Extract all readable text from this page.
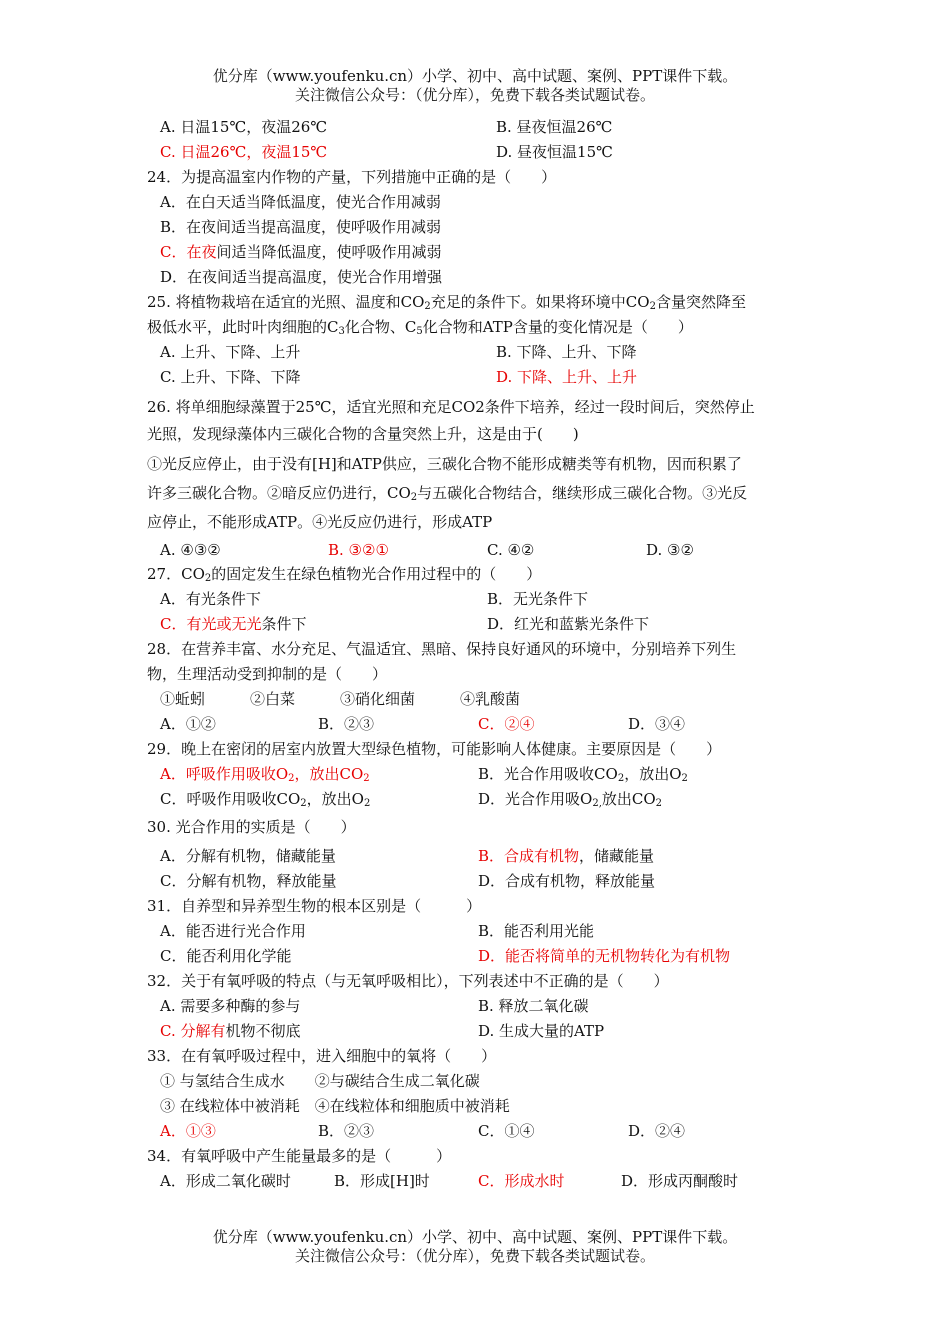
优分库（www.youfenku.cn）小学、初中、高中试题、案例、PPT课件下载。
关注微信公众号：（优分库），免费下载各类试题试卷。
A. 日温15℃，夜温26℃	B. 昼夜恒温26℃
C. 日温26℃，夜温15℃	D. 昼夜恒温15℃
24．为提高温室内作物的产量，下列措施中正确的是（　　）
A．在白天适当降低温度，使光合作用减弱
B．在夜间适当提高温度，使呼吸作用减弱
C．在夜间适当降低温度，使呼吸作用减弱
D．在夜间适当提高温度，使光合作用增强
25. 将植物栽培在适宜的光照、温度和$CO_2$充足的条件下。如果将环境中$CO_2$含量突然降至
极低水平，此时叶肉细胞的$C_3$化合物、$C_5$化合物和ATP含量的变化情况是（　　）
A. 上升、下降、上升	B. 下降、上升、下降
C. 上升、下降、下降	D. 下降、上升、上升
26. 将单细胞绿藻置于25℃，适宜光照和充足CO2条件下培养，经过一段时间后，突然停止
光照，发现绿藻体内三碳化合物的含量突然上升，这是由于(　　)
①光反应停止，由于没有[H]和ATP供应，三碳化合物不能形成糖类等有机物，因而积累了
许多三碳化合物。②暗反应仍进行，$CO_2$与五碳化合物结合，继续形成三碳化合物。③光反
应停止，不能形成ATP。④光反应仍进行，形成ATP
A. ④③②	B. ③②①	C. ④②	D. ③②
27．$CO_2$的固定发生在绿色植物光合作用过程中的（　　）
A．有光条件下	B．无光条件下
C．有光或无光条件下	D．红光和蓝紫光条件下
28．在营养丰富、水分充足、气温适宜、黑暗、保持良好通风的环境中，分别培养下列生
物，生理活动受到抑制的是（　　）
①蚯蚓　　　②白菜　　　③硝化细菌　　　④乳酸菌
A．①②	B．②③	C．②④	D．③④
29．晚上在密闭的居室内放置大型绿色植物，可能影响人体健康。主要原因是（　　）
A．呼吸作用吸收$O_2$，放出$CO_2$	B．光合作用吸收$CO_2$，放出$O_2$
C．呼吸作用吸收$CO_2$，放出$O_2$	D．光合作用吸$O_{2,}$放出$CO_2$
30. 光合作用的实质是（　　）
A．分解有机物，储藏能量	B．合成有机物，储藏能量
C．分解有机物，释放能量	D．合成有机物，释放能量
31．自养型和异养型生物的根本区别是（　　　）
A．能否进行光合作用	B．能否利用光能
C．能否利用化学能	D．能否将简单的无机物转化为有机物
32．关于有氧呼吸的特点（与无氧呼吸相比），下列表述中不正确的是（　　）
A. 需要多种酶的参与	B. 释放二氧化碳
C. 分解有机物不彻底	D. 生成大量的ATP
33．在有氧呼吸过程中，进入细胞中的氧将（　　）
① 与氢结合生成水　　②与碳结合生成二氧化碳
③ 在线粒体中被消耗　④在线粒体和细胞质中被消耗
A．①③	B．②③	C．①④	D．②④
34．有氧呼吸中产生能量最多的是（　　　）
A．形成二氧化碳时	B．形成[H]时	C．形成水时	D．形成丙酮酸时
优分库（www.youfenku.cn）小学、初中、高中试题、案例、PPT课件下载。
关注微信公众号：（优分库），免费下载各类试题试卷。
